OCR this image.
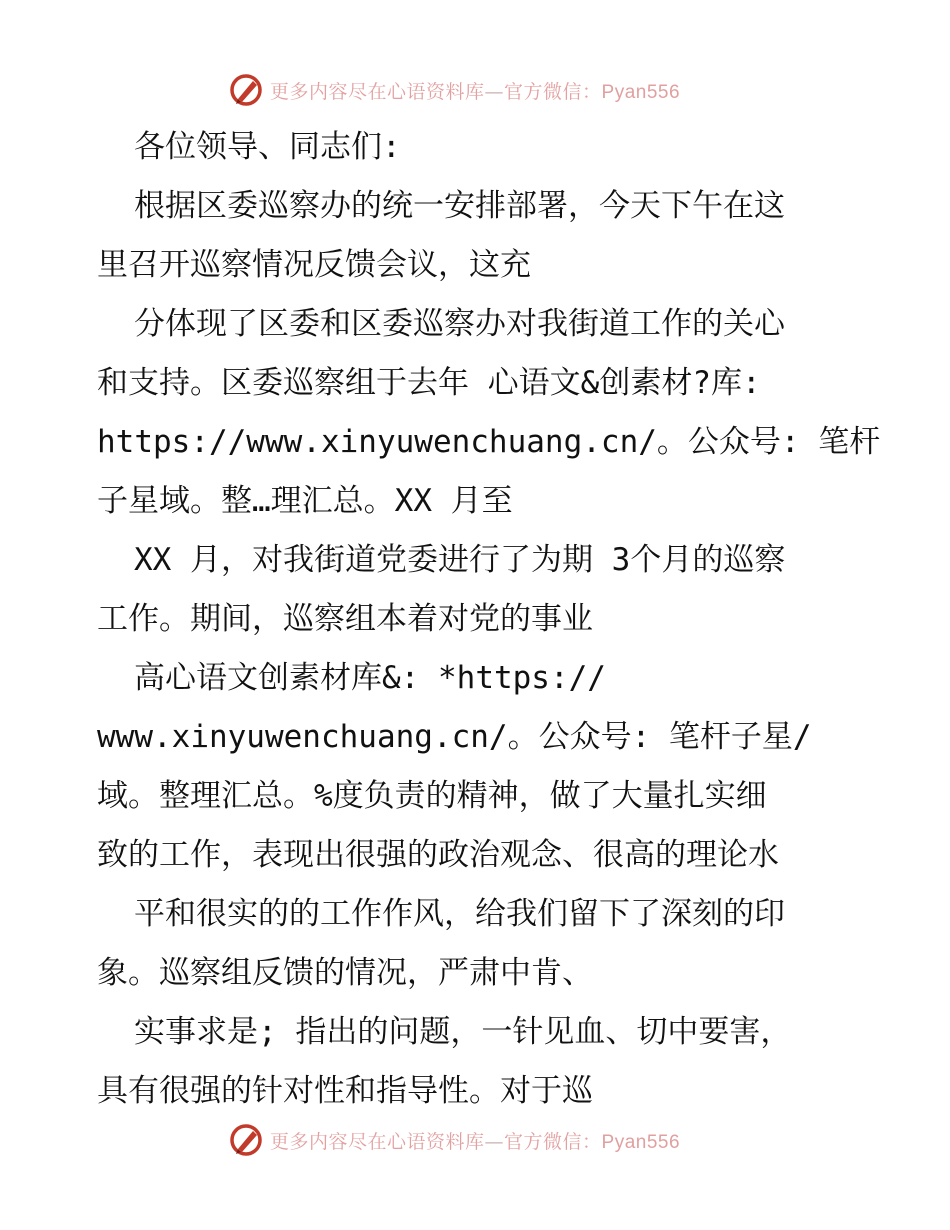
更多内容尽在心语资料库—官方微信：Pyan556
各位领导、同志们:
根据区委巡察办的统一安排部署，今天下午在这
里召开巡察情况反馈会议，这充
分体现了区委和区委巡察办对我街道工作的关心
和支持。区委巡察组于去年 心语文&创素材?库:
https://www.xinyuwenchuang.cn/。公众号: 笔杆
子星域。整…理汇总。XX 月至
XX 月，对我街道党委进行了为期 3个月的巡察
工作。期间，巡察组本着对党的事业
高心语文创素材库&: *https://
www.xinyuwenchuang.cn/。公众号: 笔杆子星/
域。整理汇总。%度负责的精神，做了大量扎实细
致的工作，表现出很强的政治观念、很高的理论水
平和很实的的工作作风，给我们留下了深刻的印
象。巡察组反馈的情况，严肃中肯、
实事求是; 指出的问题，一针见血、切中要害，
具有很强的针对性和指导性。对于巡
更多内容尽在心语资料库—官方微信：Pyan556
